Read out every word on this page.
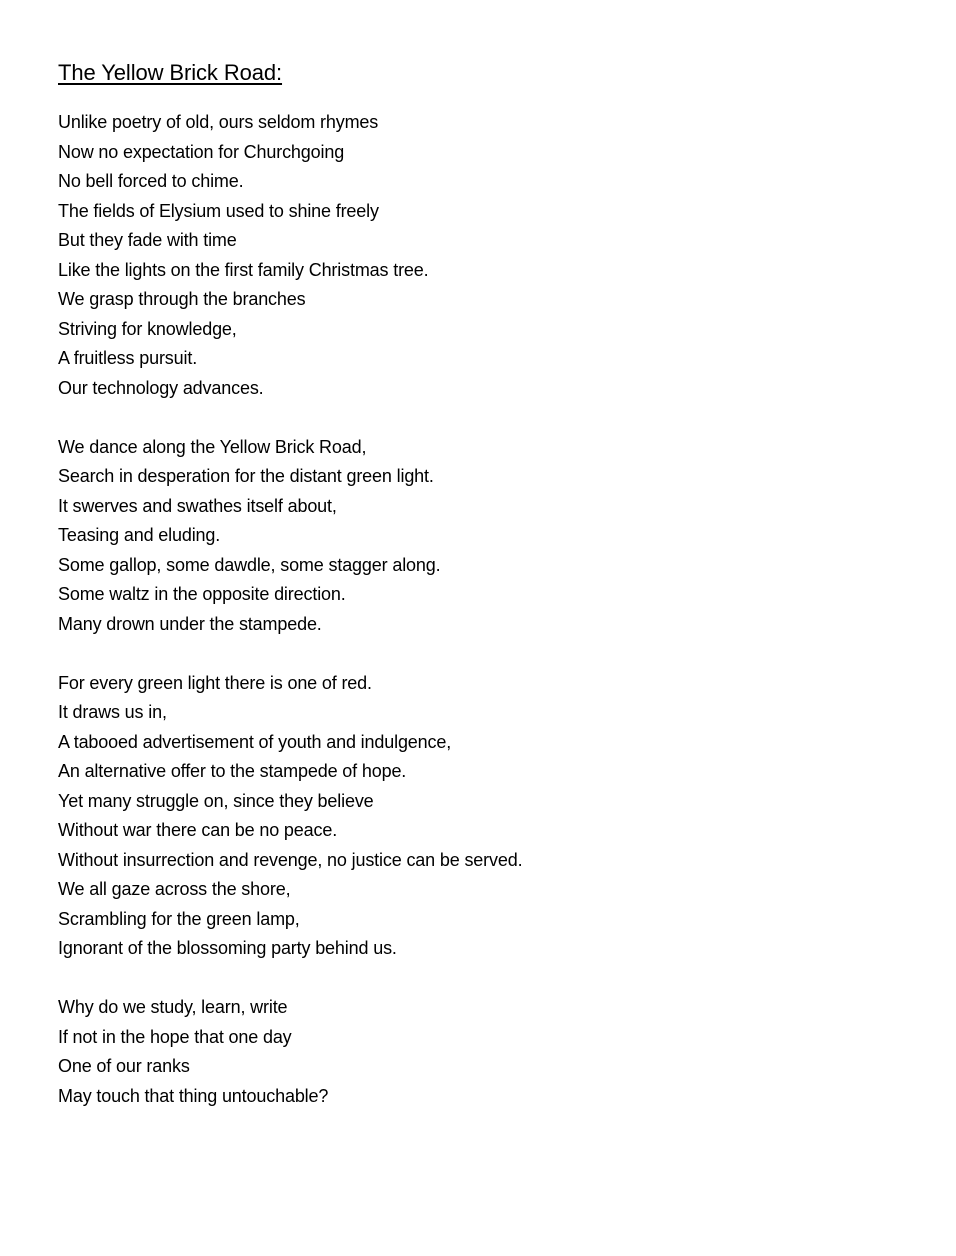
The Yellow Brick Road:
Unlike poetry of old, ours seldom rhymes
Now no expectation for Churchgoing
No bell forced to chime.
The fields of Elysium used to shine freely
But they fade with time
Like the lights on the first family Christmas tree.
We grasp through the branches
Striving for knowledge,
A fruitless pursuit.
Our technology advances.
We dance along the Yellow Brick Road,
Search in desperation for the distant green light.
It swerves and swathes itself about,
Teasing and eluding.
Some gallop, some dawdle, some stagger along.
Some waltz in the opposite direction.
Many drown under the stampede.
For every green light there is one of red.
It draws us in,
A tabooed advertisement of youth and indulgence,
An alternative offer to the stampede of hope.
Yet many struggle on, since they believe
Without war there can be no peace.
Without insurrection and revenge, no justice can be served.
We all gaze across the shore,
Scrambling for the green lamp,
Ignorant of the blossoming party behind us.
Why do we study, learn, write
If not in the hope that one day
One of our ranks
May touch that thing untouchable?
